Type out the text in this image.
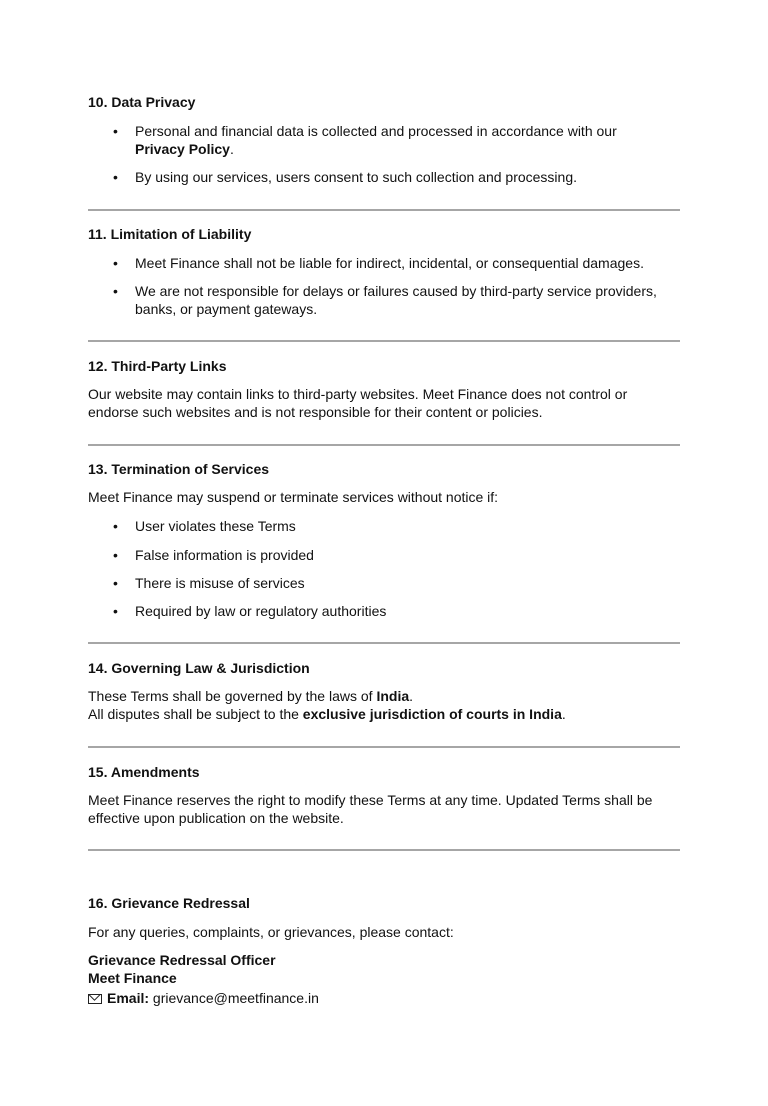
10. Data Privacy
• Personal and financial data is collected and processed in accordance with our
Privacy Policy.
• By using our services, users consent to such collection and processing.
11. Limitation of Liability
• Meet Finance shall not be liable for indirect, incidental, or consequential damages.
• We are not responsible for delays or failures caused by third-party service providers, banks, or payment gateways.
12. Third-Party Links
Our website may contain links to third-party websites. Meet Finance does not control or endorse such websites and is not responsible for their content or policies.
13. Termination of Services
Meet Finance may suspend or terminate services without notice if:
• User violates these Terms
• False information is provided
• There is misuse of services
• Required by law or regulatory authorities
14. Governing Law & Jurisdiction
These Terms shall be governed by the laws of India.
All disputes shall be subject to the exclusive jurisdiction of courts in India.
15. Amendments
Meet Finance reserves the right to modify these Terms at any time. Updated Terms shall be effective upon publication on the website.
16. Grievance Redressal
For any queries, complaints, or grievances, please contact:
Grievance Redressal Officer
Meet Finance
Email: grievance@meetfinance.in
